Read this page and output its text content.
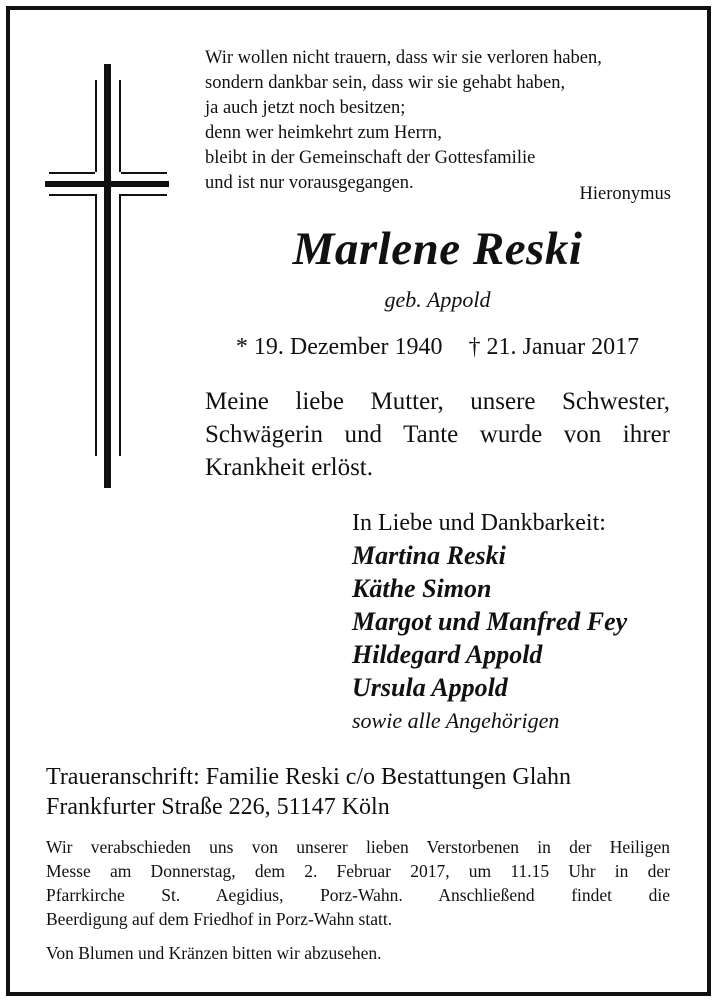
Wir wollen nicht trauern, dass wir sie verloren haben,
sondern dankbar sein, dass wir sie gehabt haben,
ja auch jetzt noch besitzen;
denn wer heimkehrt zum Herrn,
bleibt in der Gemeinschaft der Gottesfamilie
und ist nur vorausgegangen.
Hieronymus
Marlene Reski
geb. Appold
* 19. Dezember 1940 † 21. Januar 2017
Meine liebe Mutter, unsere Schwester,
Schwägerin und Tante wurde von ihrer
Krankheit erlöst.
In Liebe und Dankbarkeit:
Martina Reski
Käthe Simon
Margot und Manfred Fey
Hildegard Appold
Ursula Appold
sowie alle Angehörigen
Traueranschrift: Familie Reski c/o Bestattungen Glahn
Frankfurter Straße 226, 51147 Köln
Wir verabschieden uns von unserer lieben Verstorbenen in der Heiligen
Messe am Donnerstag, dem 2. Februar 2017, um 11.15 Uhr in der
Pfarrkirche St. Aegidius, Porz-Wahn. Anschließend findet die
Beerdigung auf dem Friedhof in Porz-Wahn statt.
Von Blumen und Kränzen bitten wir abzusehen.
